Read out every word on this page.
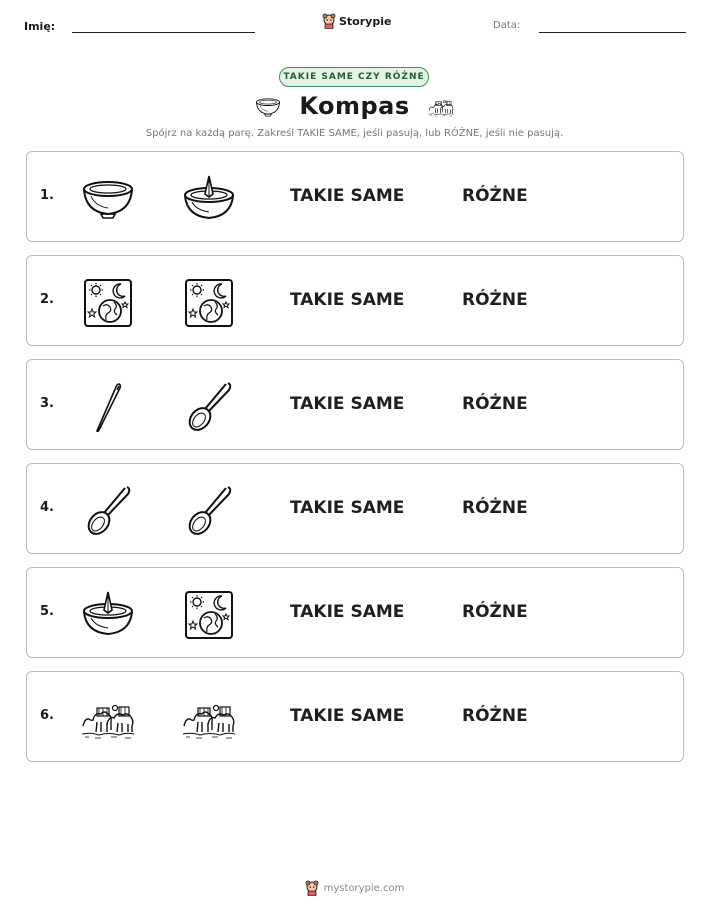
Imię:	Storypie	Data:
TAKIE SAME CZY RÓŻNE
Kompas
Spójrz na każdą parę. Zakreśl TAKIE SAME, jeśli pasują, lub RÓŻNE, jeśli nie pasują.
1.	TAKIE SAME	RÓŻNE
2.	TAKIE SAME	RÓŻNE
3.	TAKIE SAME	RÓŻNE
4.	TAKIE SAME	RÓŻNE
5.	TAKIE SAME	RÓŻNE
6.	TAKIE SAME	RÓŻNE
mystorypie.com
